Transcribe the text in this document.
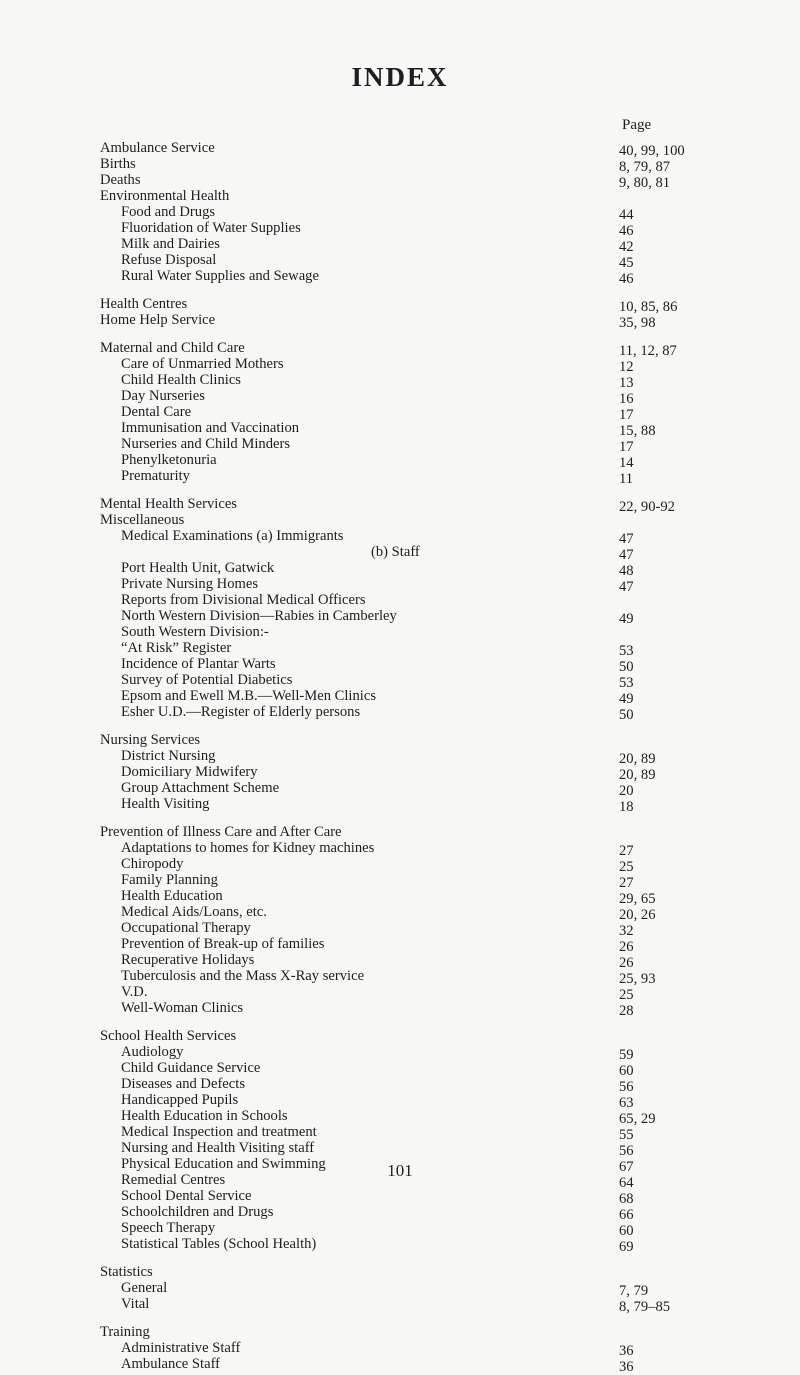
INDEX
Page
Ambulance Service	40, 99, 100
Births	8, 79, 87
Deaths	9, 80, 81
Environmental Health
Food and Drugs	44
Fluoridation of Water Supplies	46
Milk and Dairies	42
Refuse Disposal	45
Rural Water Supplies and Sewage	46
Health Centres	10, 85, 86
Home Help Service	35, 98
Maternal and Child Care	11, 12, 87
Care of Unmarried Mothers	12
Child Health Clinics	13
Day Nurseries	16
Dental Care	17
Immunisation and Vaccination	15, 88
Nurseries and Child Minders	17
Phenylketonuria	14
Prematurity	11
Mental Health Services	22, 90-92
Miscellaneous
Medical Examinations (a) Immigrants	47
(b) Staff	47
Port Health Unit, Gatwick	48
Private Nursing Homes	47
Reports from Divisional Medical Officers
North Western Division—Rabies in Camberley	49
South Western Division:-
“At Risk” Register	53
Incidence of Plantar Warts	50
Survey of Potential Diabetics	53
Epsom and Ewell M.B.—Well-Men Clinics	49
Esher U.D.—Register of Elderly persons	50
Nursing Services
District Nursing	20, 89
Domiciliary Midwifery	20, 89
Group Attachment Scheme	20
Health Visiting	18
Prevention of Illness Care and After Care
Adaptations to homes for Kidney machines	27
Chiropody	25
Family Planning	27
Health Education	29, 65
Medical Aids/Loans, etc.	20, 26
Occupational Therapy	32
Prevention of Break-up of families	26
Recuperative Holidays	26
Tuberculosis and the Mass X-Ray service	25, 93
V.D.	25
Well-Woman Clinics	28
School Health Services
Audiology	59
Child Guidance Service	60
Diseases and Defects	56
Handicapped Pupils	63
Health Education in Schools	65, 29
Medical Inspection and treatment	55
Nursing and Health Visiting staff	56
Physical Education and Swimming	67
Remedial Centres	64
School Dental Service	68
Schoolchildren and Drugs	66
Speech Therapy	60
Statistical Tables (School Health)	69
Statistics
General	7, 79
Vital	8, 79–85
Training
Administrative Staff	36
Ambulance Staff	36
101
